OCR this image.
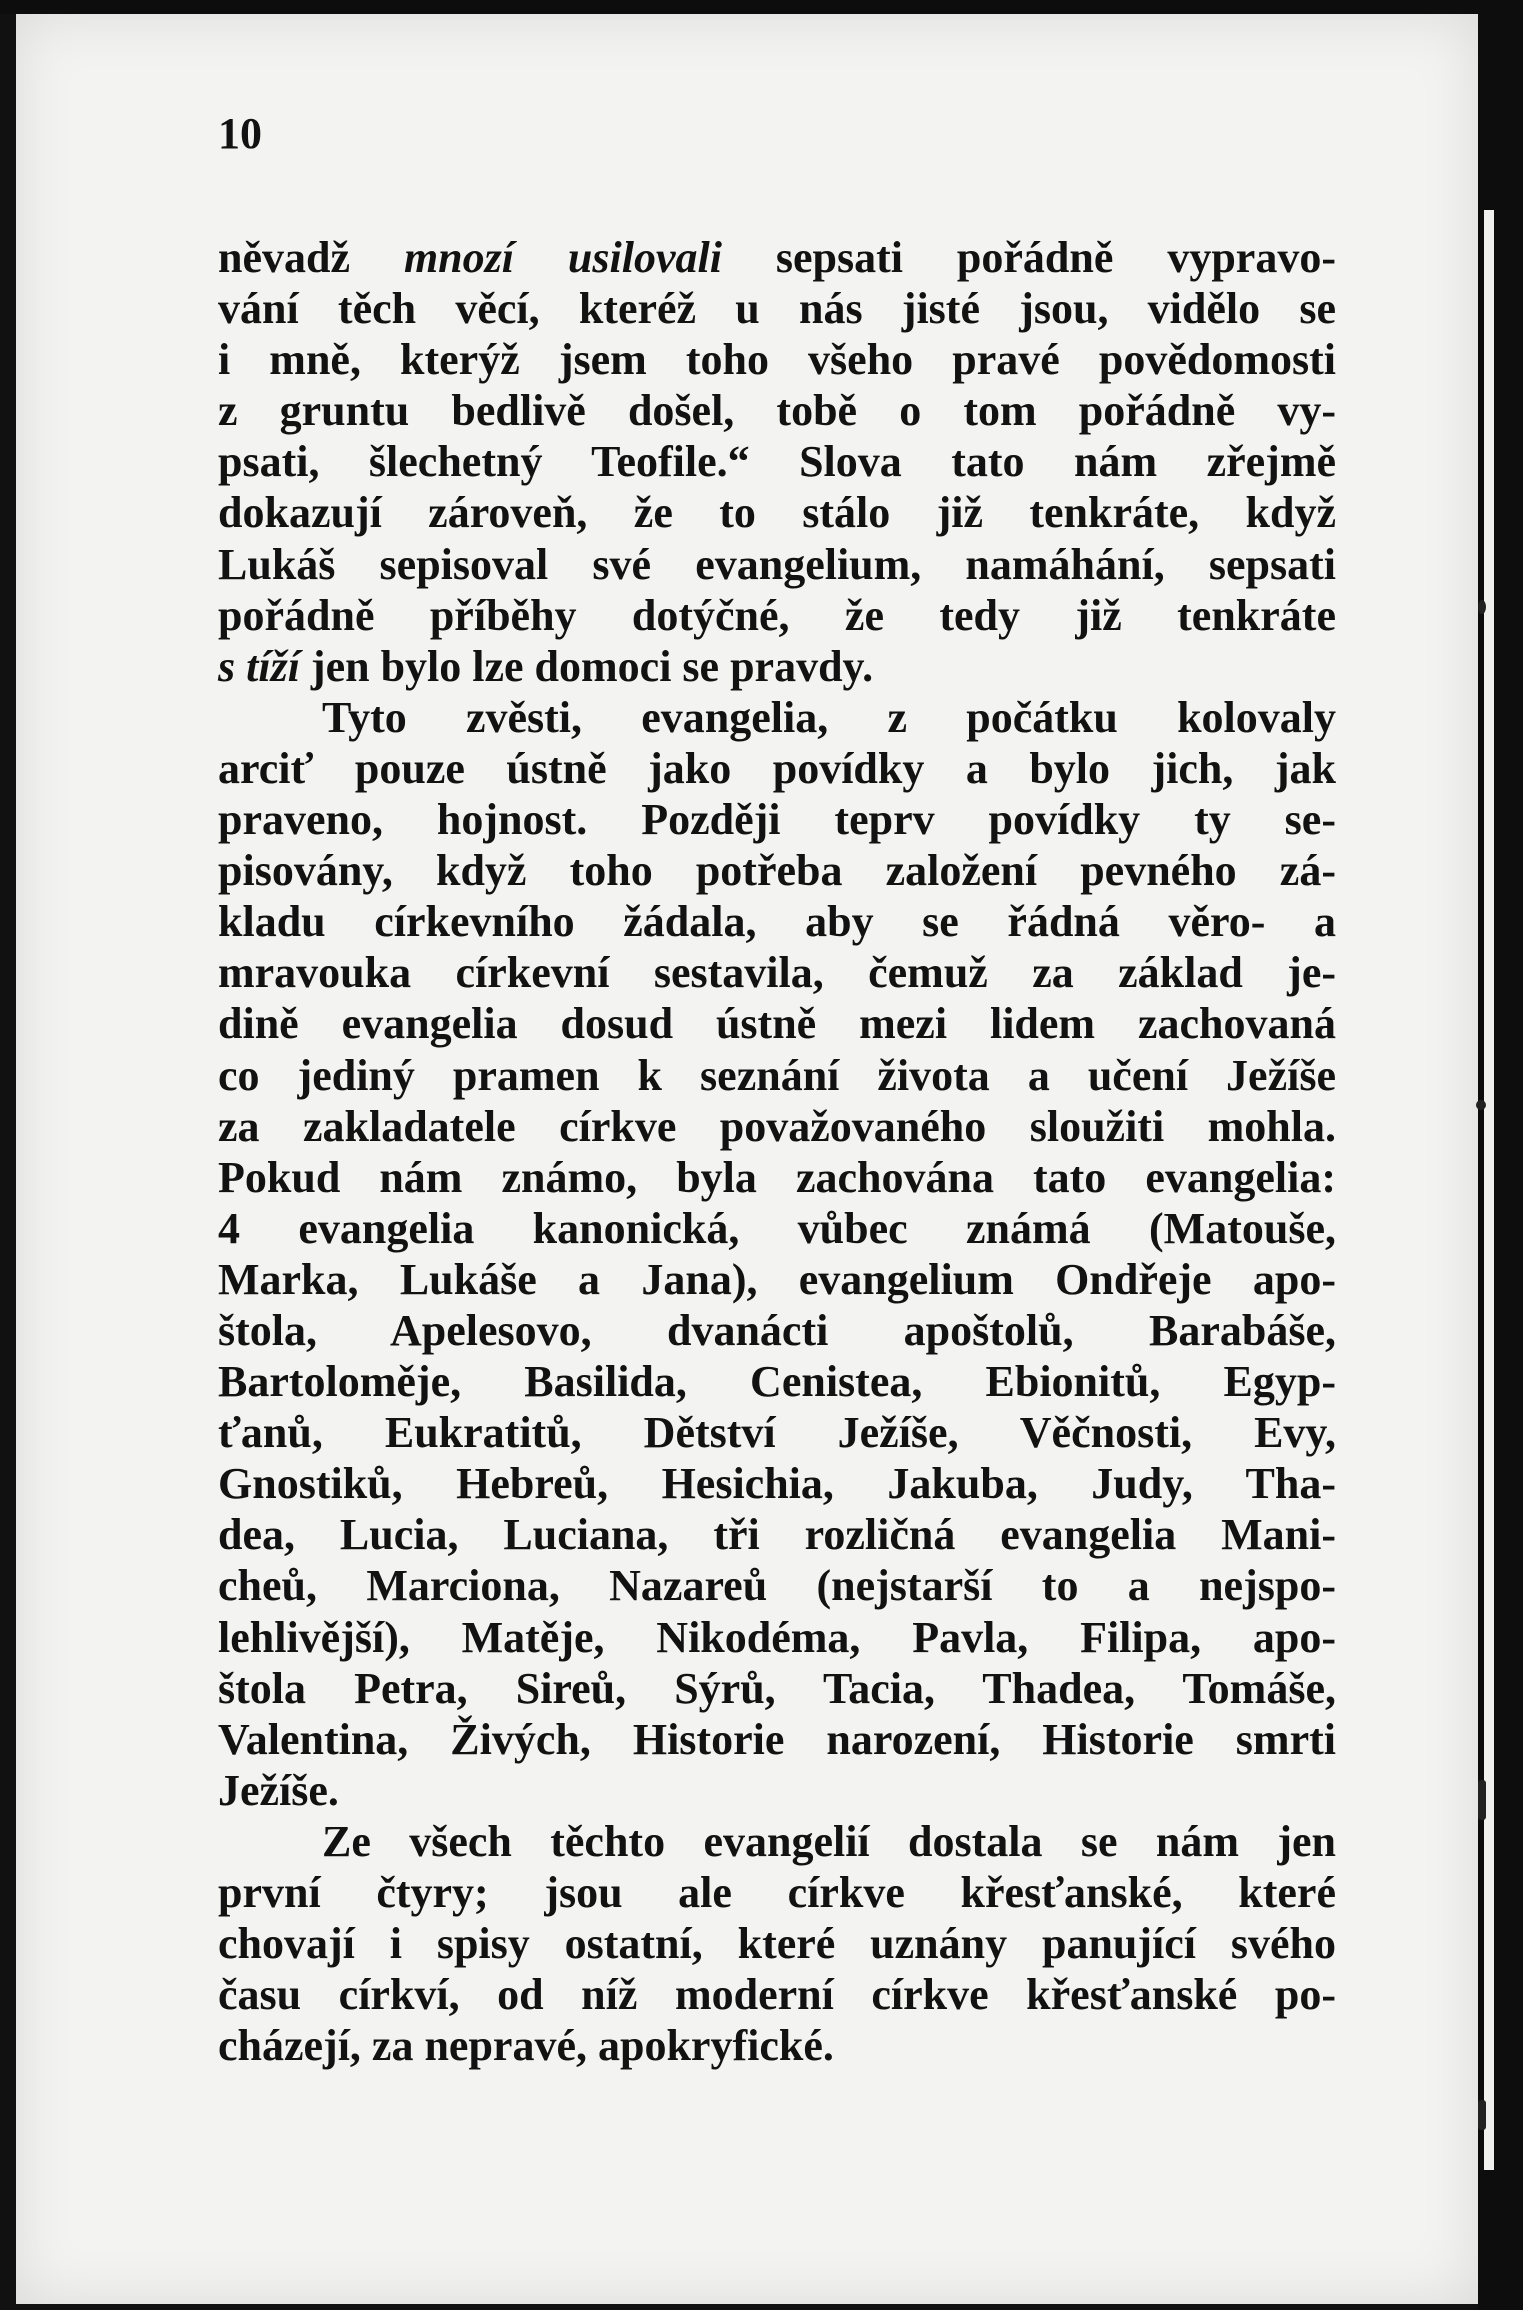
10
něvadž mnozí usilovali sepsati pořádně vypravo-
vání těch věcí, kteréž u nás jisté jsou, vidělo se
i mně, kterýž jsem toho všeho pravé povědomosti
z gruntu bedlivě došel, tobě o tom pořádně vy-
psati, šlechetný Teofile.“ Slova tato nám zřejmě
dokazují zároveň, že to stálo již tenkráte, když
Lukáš sepisoval své evangelium, namáhání, sepsati
pořádně příběhy dotýčné, že tedy již tenkráte
s tíží jen bylo lze domoci se pravdy.
Tyto zvěsti, evangelia, z počátku kolovaly
arciť pouze ústně jako povídky a bylo jich, jak
praveno, hojnost. Později teprv povídky ty se-
pisovány, když toho potřeba založení pevného zá-
kladu církevního žádala, aby se řádná věro- a
mravouka církevní sestavila, čemuž za základ je-
dině evangelia dosud ústně mezi lidem zachovaná
co jediný pramen k seznání života a učení Ježíše
za zakladatele církve považovaného sloužiti mohla.
Pokud nám známo, byla zachována tato evangelia:
4 evangelia kanonická, vůbec známá (Matouše,
Marka, Lukáše a Jana), evangelium Ondřeje apo-
štola, Apelesovo, dvanácti apoštolů, Barabáše,
Bartoloměje, Basilida, Cenistea, Ebionitů, Egyp-
ťanů, Eukratitů, Dětství Ježíše, Věčnosti, Evy,
Gnostiků, Hebreů, Hesichia, Jakuba, Judy, Tha-
dea, Lucia, Luciana, tři rozličná evangelia Mani-
cheů, Marciona, Nazareů (nejstarší to a nejspo-
lehlivější), Matěje, Nikodéma, Pavla, Filipa, apo-
štola Petra, Sireů, Sýrů, Tacia, Thadea, Tomáše,
Valentina, Živých, Historie narození, Historie smrti
Ježíše.
Ze všech těchto evangelií dostala se nám jen
první čtyry; jsou ale církve křesťanské, které
chovají i spisy ostatní, které uznány panující svého
času církví, od níž moderní církve křesťanské po-
cházejí, za nepravé, apokryfické.
